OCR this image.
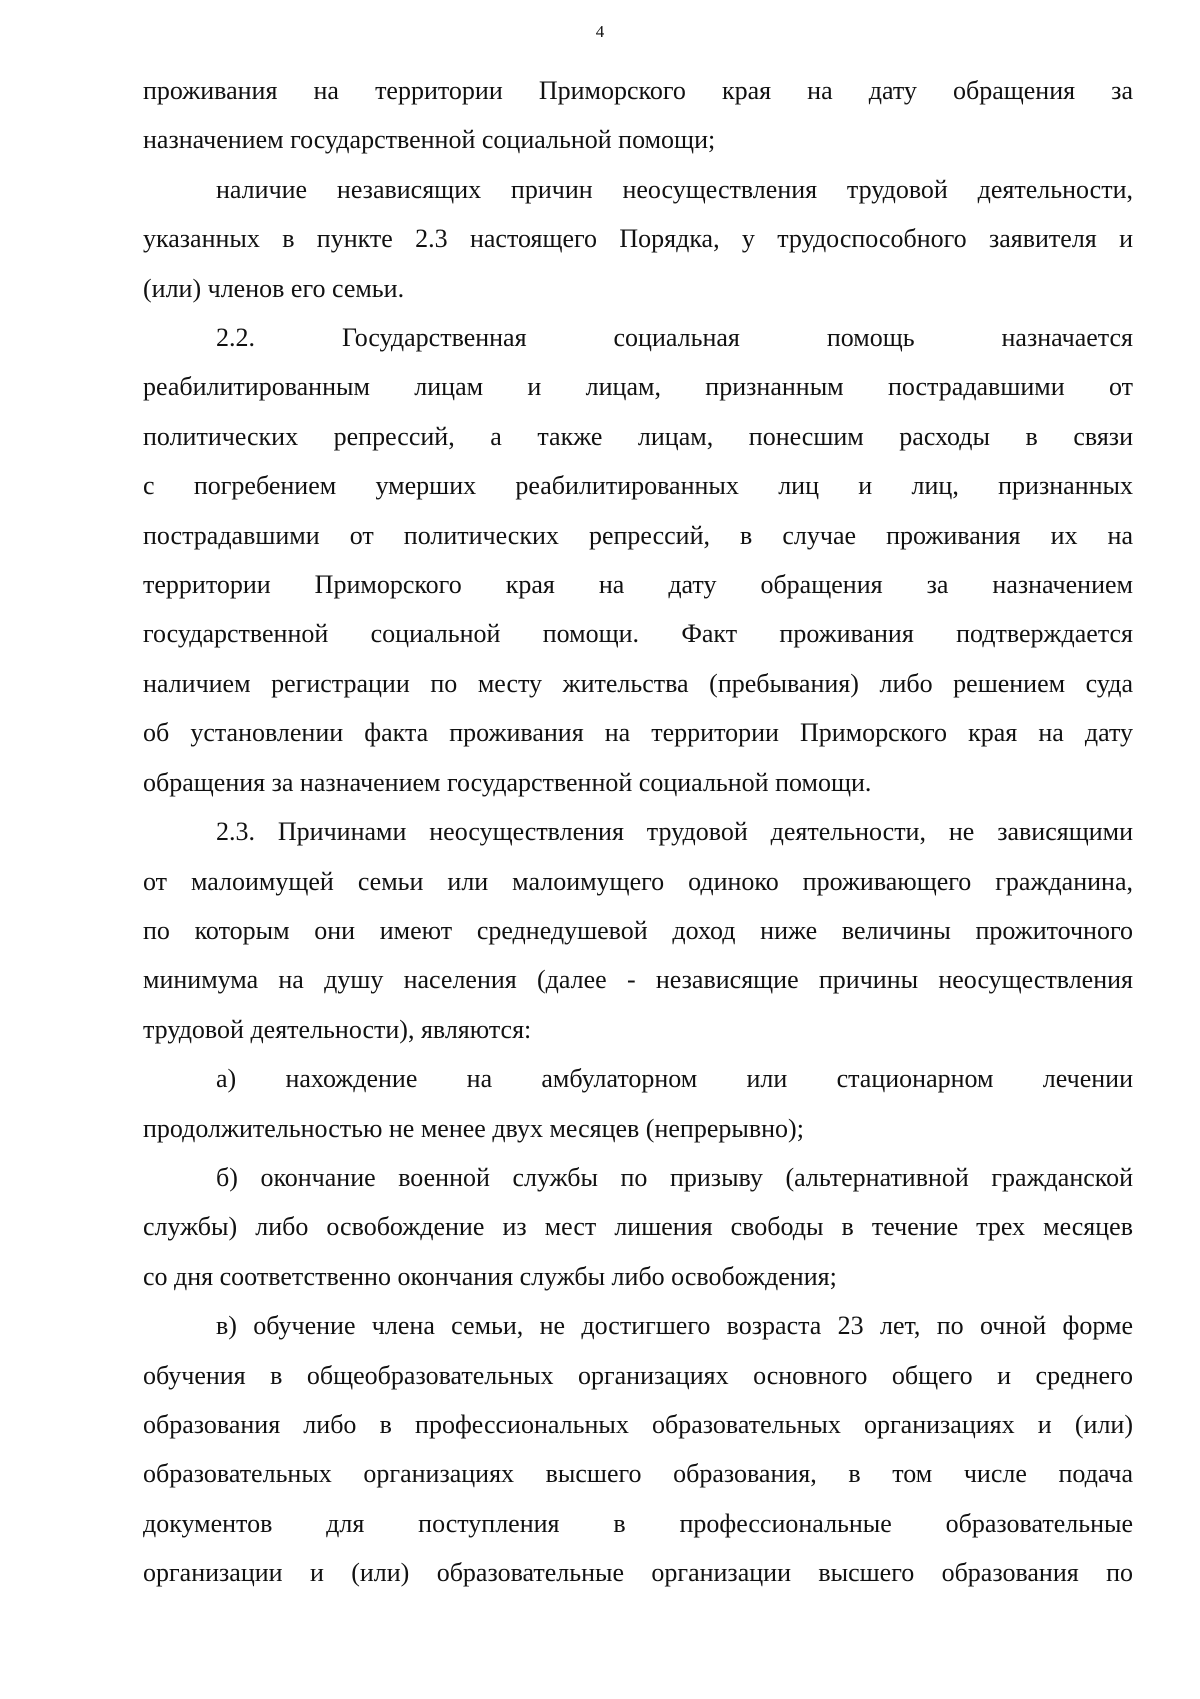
4
проживания на территории Приморского края на дату обращения за
назначением государственной социальной помощи;
наличие независящих причин неосуществления трудовой деятельности,
указанных в пункте 2.3 настоящего Порядка, у трудоспособного заявителя и
(или) членов его семьи.
2.2. Государственная социальная помощь назначается
реабилитированным лицам и лицам, признанным пострадавшими от
политических репрессий, а также лицам, понесшим расходы в связи
с погребением умерших реабилитированных лиц и лиц, признанных
пострадавшими от политических репрессий, в случае проживания их на
территории Приморского края на дату обращения за назначением
государственной социальной помощи. Факт проживания подтверждается
наличием регистрации по месту жительства (пребывания) либо решением суда
об установлении факта проживания на территории Приморского края на дату
обращения за назначением государственной социальной помощи.
2.3. Причинами неосуществления трудовой деятельности, не зависящими
от малоимущей семьи или малоимущего одиноко проживающего гражданина,
по которым они имеют среднедушевой доход ниже величины прожиточного
минимума на душу населения (далее - независящие причины неосуществления
трудовой деятельности), являются:
а) нахождение на амбулаторном или стационарном лечении
продолжительностью не менее двух месяцев (непрерывно);
б) окончание военной службы по призыву (альтернативной гражданской
службы) либо освобождение из мест лишения свободы в течение трех месяцев
со дня соответственно окончания службы либо освобождения;
в) обучение члена семьи, не достигшего возраста 23 лет, по очной форме
обучения в общеобразовательных организациях основного общего и среднего
образования либо в профессиональных образовательных организациях и (или)
образовательных организациях высшего образования, в том числе подача
документов для поступления в профессиональные образовательные
организации и (или) образовательные организации высшего образования по
